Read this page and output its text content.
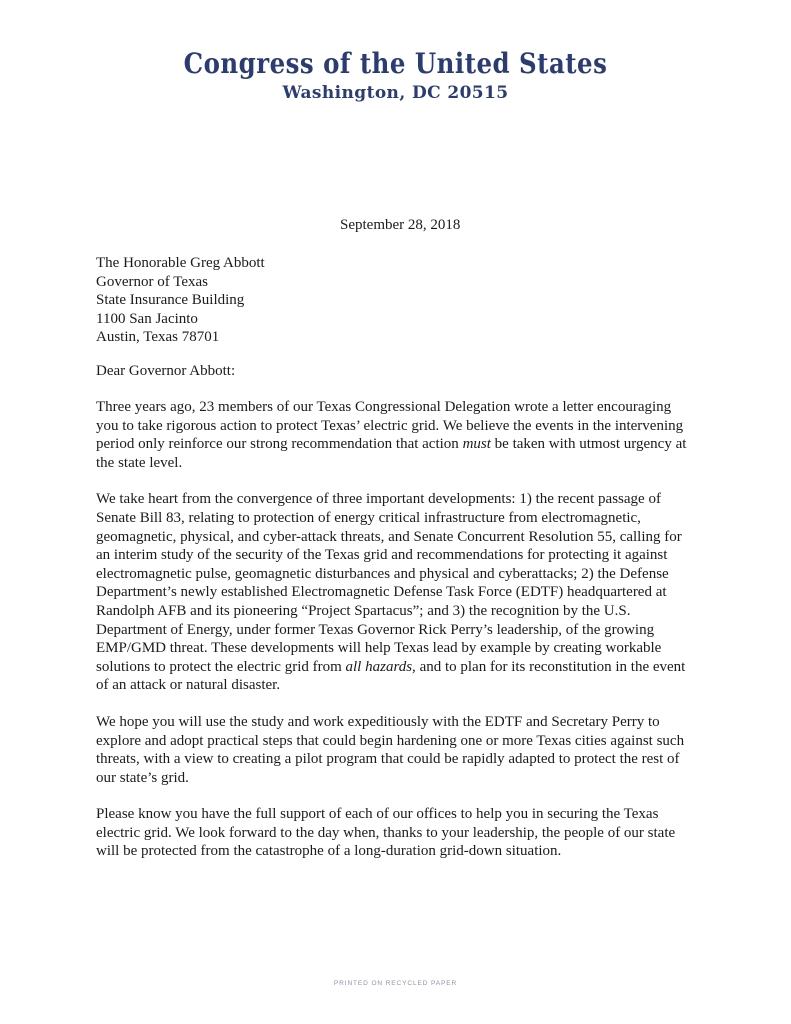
Congress of the United States
Washington, DC 20515
September 28, 2018
The Honorable Greg Abbott
Governor of Texas
State Insurance Building
1100 San Jacinto
Austin, Texas 78701
Dear Governor Abbott:

Three years ago, 23 members of our Texas Congressional Delegation wrote a letter encouraging you to take rigorous action to protect Texas’ electric grid. We believe the events in the intervening period only reinforce our strong recommendation that action must be taken with utmost urgency at the state level.

We take heart from the convergence of three important developments: 1) the recent passage of Senate Bill 83, relating to protection of energy critical infrastructure from electromagnetic, geomagnetic, physical, and cyber-attack threats, and Senate Concurrent Resolution 55, calling for an interim study of the security of the Texas grid and recommendations for protecting it against electromagnetic pulse, geomagnetic disturbances and physical and cyberattacks; 2) the Defense Department’s newly established Electromagnetic Defense Task Force (EDTF) headquartered at Randolph AFB and its pioneering “Project Spartacus”; and 3) the recognition by the U.S. Department of Energy, under former Texas Governor Rick Perry’s leadership, of the growing EMP/GMD threat. These developments will help Texas lead by example by creating workable solutions to protect the electric grid from all hazards, and to plan for its reconstitution in the event of an attack or natural disaster.

We hope you will use the study and work expeditiously with the EDTF and Secretary Perry to explore and adopt practical steps that could begin hardening one or more Texas cities against such threats, with a view to creating a pilot program that could be rapidly adapted to protect the rest of our state’s grid.

Please know you have the full support of each of our offices to help you in securing the Texas electric grid. We look forward to the day when, thanks to your leadership, the people of our state will be protected from the catastrophe of a long-duration grid-down situation.

PRINTED ON RECYCLED PAPER
